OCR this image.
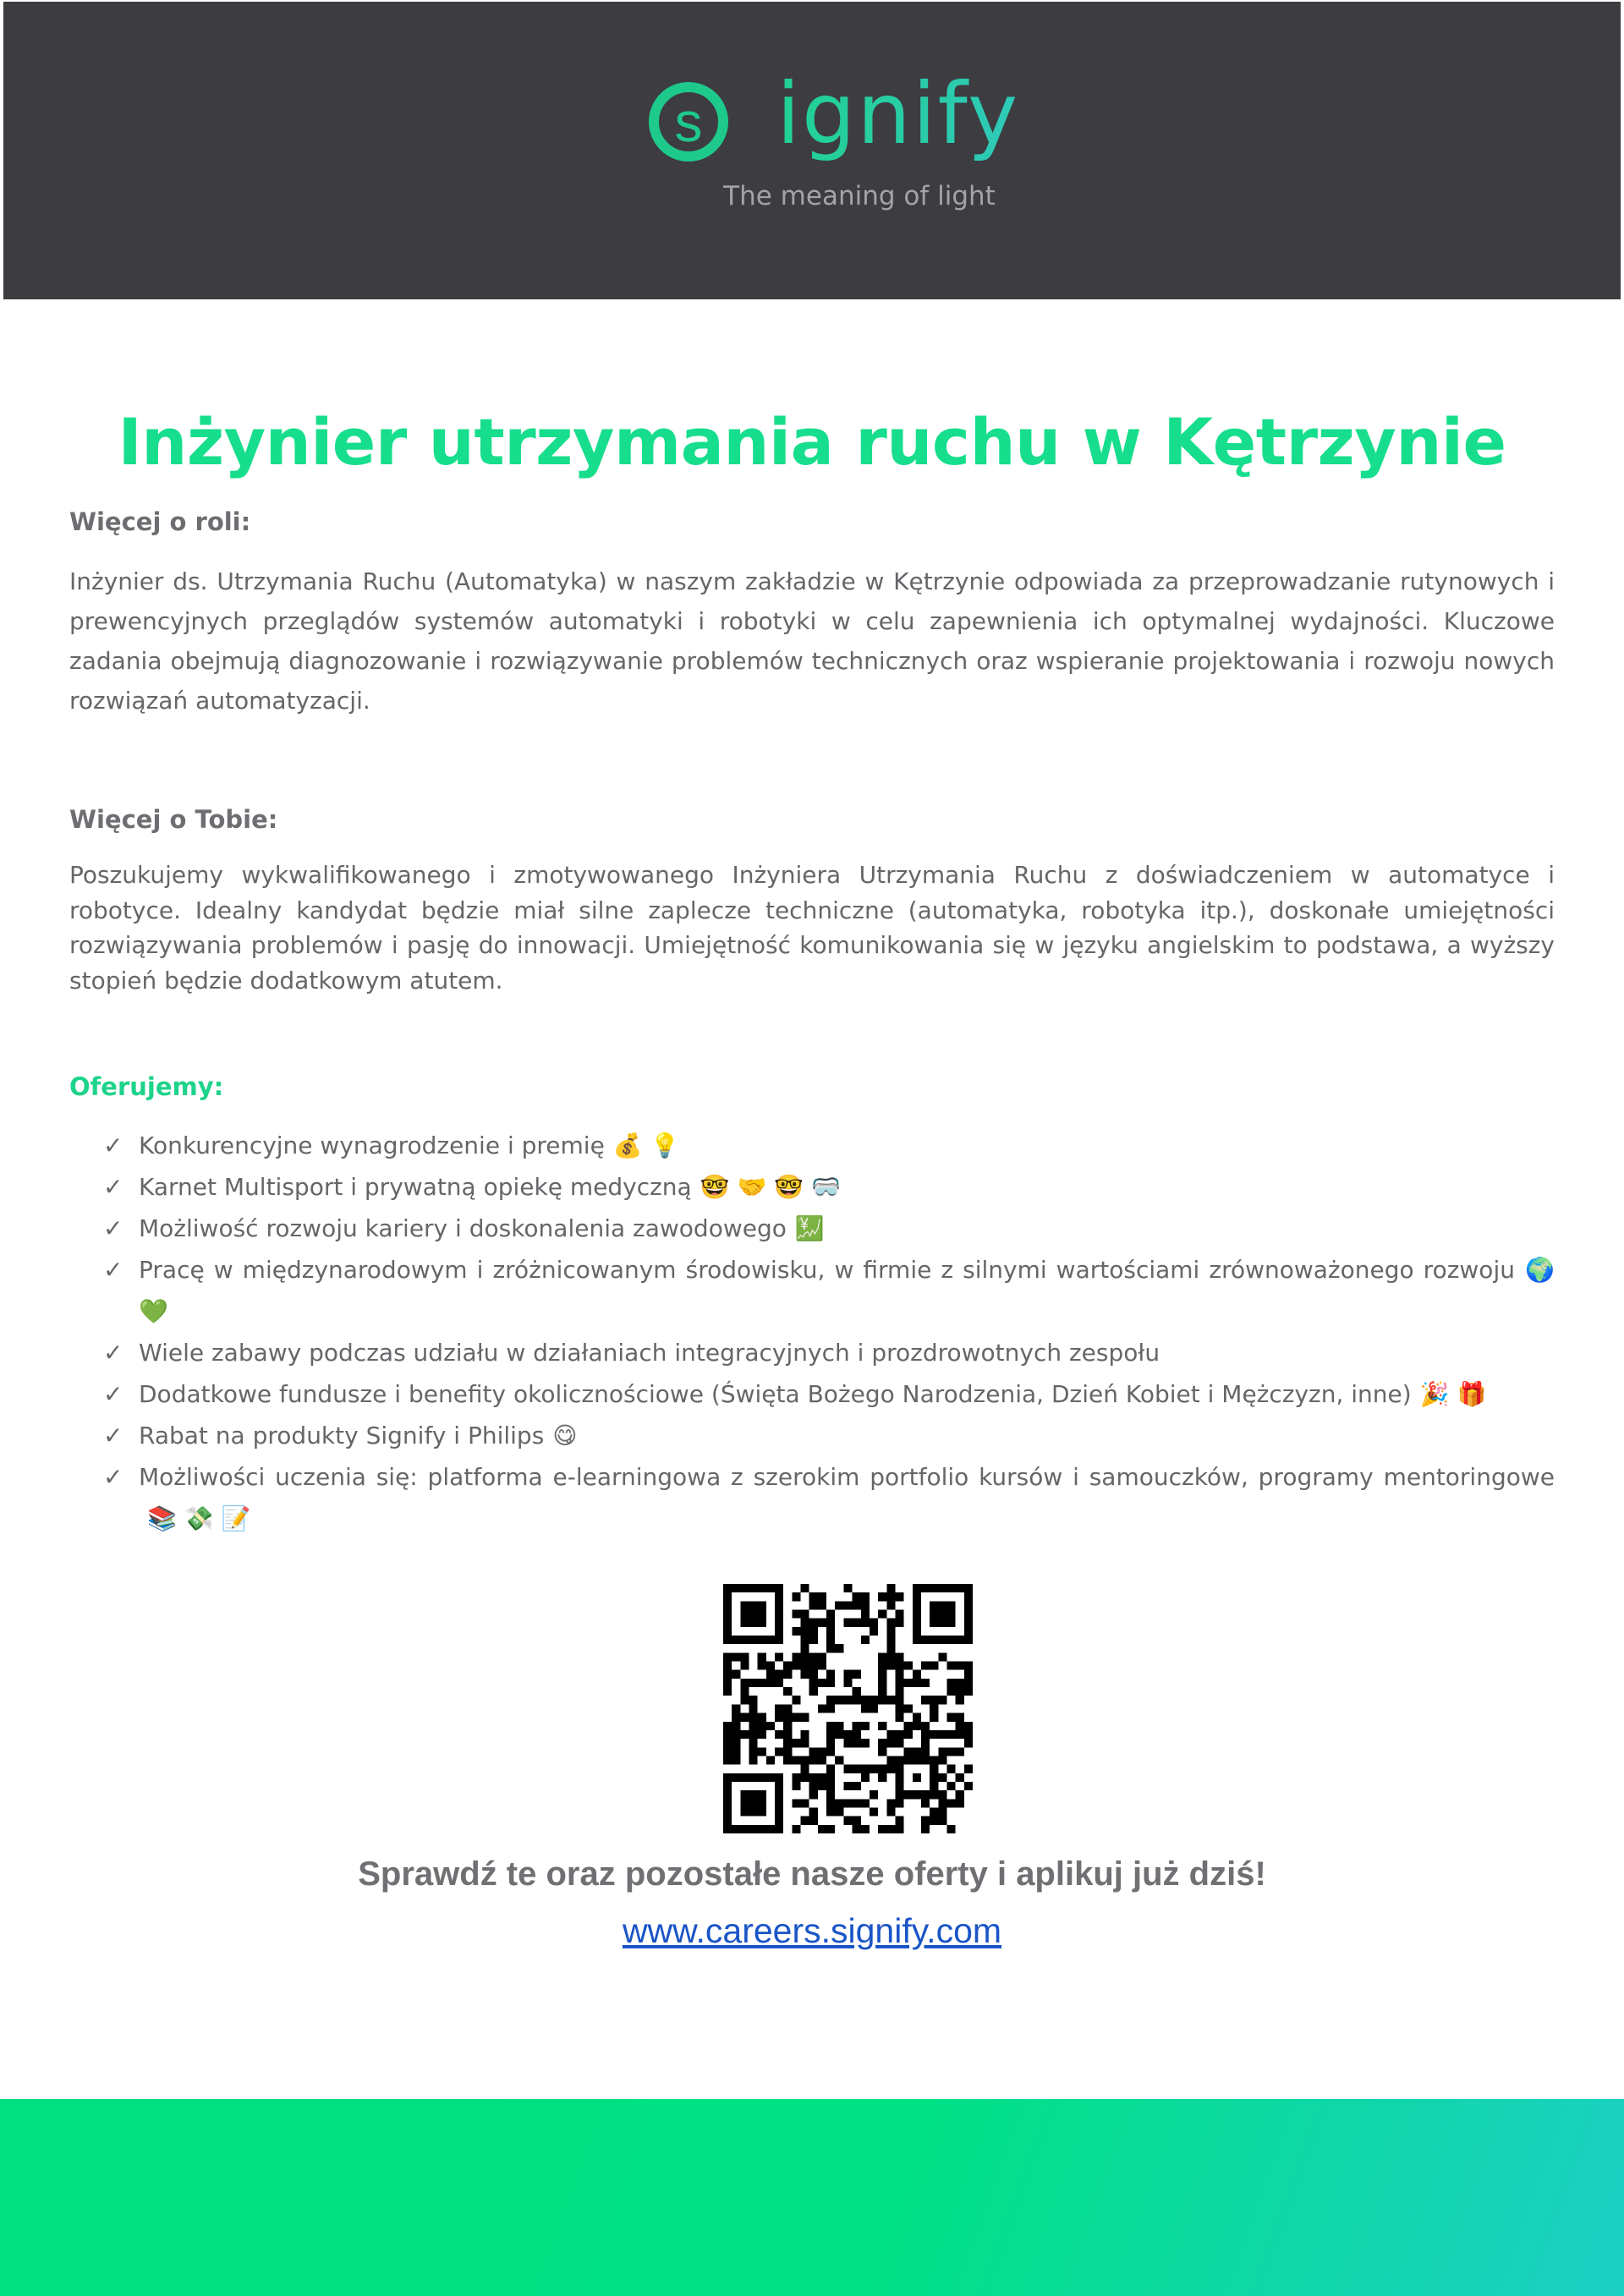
s ignify
The meaning of light
Inżynier utrzymania ruchu w Kętrzynie
Więcej o roli:
Inżynier ds. Utrzymania Ruchu (Automatyka) w naszym zakładzie w Kętrzynie odpowiada za przeprowadzanie rutynowych i prewencyjnych przeglądów systemów automatyki i robotyki w celu zapewnienia ich optymalnej wydajności. Kluczowe zadania obejmują diagnozowanie i rozwiązywanie problemów technicznych oraz wspieranie projektowania i rozwoju nowych rozwiązań automatyzacji.
Więcej o Tobie:
Poszukujemy wykwalifikowanego i zmotywowanego Inżyniera Utrzymania Ruchu z doświadczeniem w automatyce i robotyce. Idealny kandydat będzie miał silne zaplecze techniczne (automatyka, robotyka itp.), doskonałe umiejętności rozwiązywania problemów i pasję do innowacji. Umiejętność komunikowania się w języku angielskim to podstawa, a wyższy stopień będzie dodatkowym atutem.
Oferujemy:
✓ Konkurencyjne wynagrodzenie i premię 💰 💡
✓ Karnet Multisport i prywatną opiekę medyczną 🤓 🤝 🤓 🥽
✓ Możliwość rozwoju kariery i doskonalenia zawodowego 💹
✓ Pracę w międzynarodowym i zróżnicowanym środowisku, w firmie z silnymi wartościami zrównoważonego rozwoju 🌍 💚
✓ Wiele zabawy podczas udziału w działaniach integracyjnych i prozdrowotnych zespołu
✓ Dodatkowe fundusze i benefity okolicznościowe (Święta Bożego Narodzenia, Dzień Kobiet i Mężczyzn, inne) 🎉 🎁
✓ Rabat na produkty Signify i Philips 😋
✓ Możliwości uczenia się: platforma e-learningowa z szerokim portfolio kursów i samouczków, programy mentoringowe📚 💸 📝
Sprawdź te oraz pozostałe nasze oferty i aplikuj już dziś!
www.careers.signify.com
